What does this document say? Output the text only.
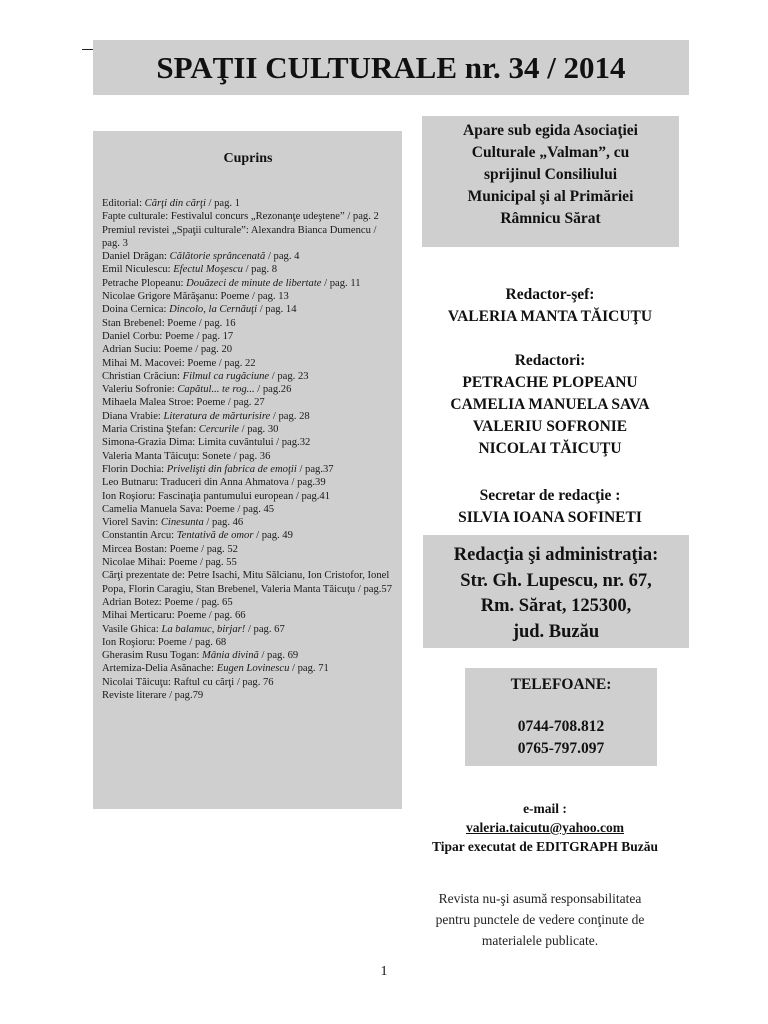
SPAŢII CULTURALE nr. 34 / 2014
Cuprins
Editorial: Cărţi din cărţi / pag. 1
Fapte culturale: Festivalul concurs „Rezonanţe udeştene” / pag. 2
Premiul revistei „Spaţii culturale”: Alexandra Bianca Dumencu / pag. 3
Daniel Drăgan: Călătorie sprâncenată / pag. 4
Emil Niculescu: Efectul Moşescu / pag. 8
Petrache Plopeanu: Douăzeci de minute de libertate / pag. 11
Nicolae Grigore Mărăşanu: Poeme / pag. 13
Doina Cernica: Dincolo, la Cernăuţi / pag. 14
Stan Brebenel: Poeme / pag. 16
Daniel Corbu: Poeme / pag. 17
Adrian Suciu: Poeme / pag. 20
Mihai M. Macovei: Poeme / pag. 22
Christian Crăciun: Filmul ca rugăciune / pag. 23
Valeriu Sofronie: Capătul... te rog... / pag.26
Mihaela Malea Stroe: Poeme / pag. 27
Diana Vrabie: Literatura de mărturisire / pag. 28
Maria Cristina Ştefan: Cercurile / pag. 30
Simona-Grazia Dima: Limita cuvântului / pag.32
Valeria Manta Tăicuţu: Sonete / pag. 36
Florin Dochia: Privelişti din fabrica de emoţii / pag.37
Leo Butnaru: Traduceri din Anna Ahmatova / pag.39
Ion Roşioru: Fascinaţia pantumului european / pag.41
Camelia Manuela Sava: Poeme / pag. 45
Viorel Savin: Cinesunta / pag. 46
Constantin Arcu: Tentativă de omor / pag. 49
Mircea Bostan: Poeme / pag. 52
Nicolae Mihai: Poeme / pag. 55
Cărţi prezentate de: Petre Isachi, Mitu Sălcianu, Ion Cristofor, Ionel Popa, Florin Caragiu, Stan Brebenel, Valeria Manta Tăicuţu / pag.57
Adrian Botez: Poeme / pag. 65
Mihai Merticaru: Poeme / pag. 66
Vasile Ghica: La balamuc, birjar! / pag. 67
Ion Roşioru: Poeme / pag. 68
Gherasim Rusu Togan: Mânia divină / pag. 69
Artemiza-Delia Asănache: Eugen Lovinescu / pag. 71
Nicolai Tăicuţu: Raftul cu cărţi / pag. 76
Reviste literare / pag.79
Apare sub egida Asociaţiei
Culturale „Valman”, cu
sprijinul Consiliului
Municipal şi al Primăriei
Râmnicu Sărat
Redactor-şef:
VALERIA MANTA TĂICUŢU
Redactori:
PETRACHE PLOPEANU
CAMELIA MANUELA SAVA
VALERIU SOFRONIE
NICOLAI TĂICUŢU
Secretar de redacţie :
SILVIA IOANA SOFINETI
Redacţia şi administraţia:
Str. Gh. Lupescu, nr. 67,
Rm. Sărat, 125300,
jud. Buzău
TELEFOANE:
0744-708.812
0765-797.097
e-mail :
valeria.taicutu@yahoo.com
Tipar executat de EDITGRAPH Buzău
Revista nu-şi asumă responsabilitatea
pentru punctele de vedere conţinute de
materialele publicate.
1
